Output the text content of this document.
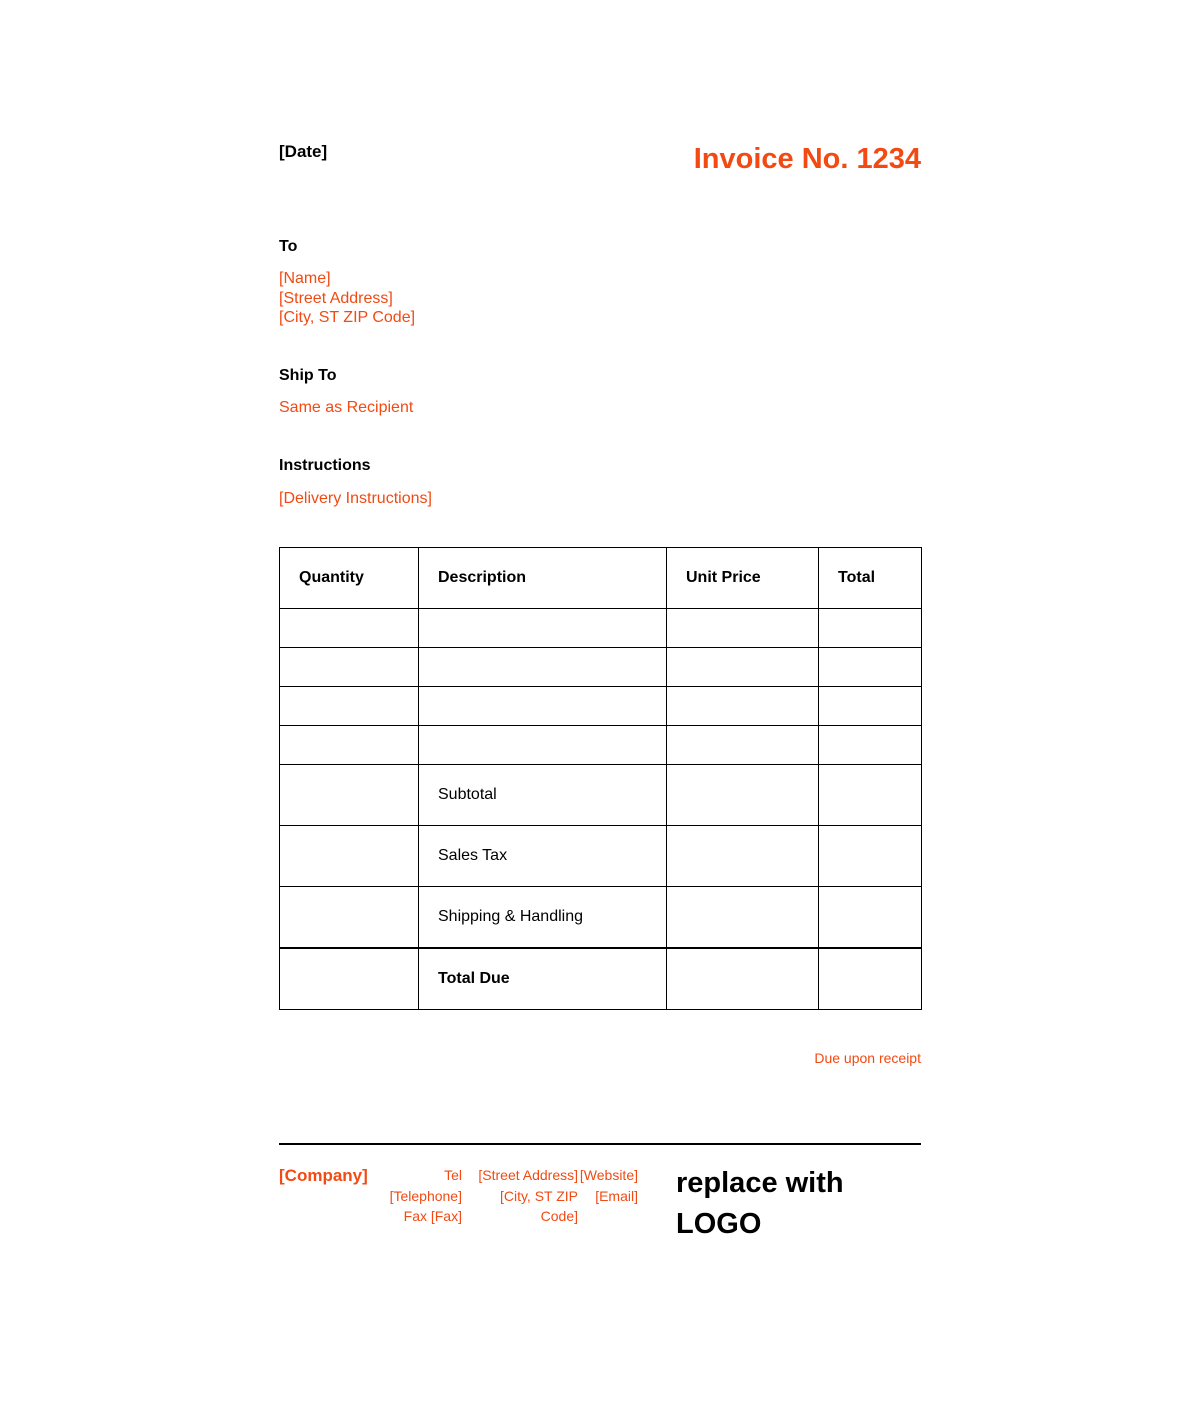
[Date]	Invoice No. 1234
To
[Name]
[Street Address]
[City, ST ZIP Code]
Ship To
Same as Recipient
Instructions
[Delivery Instructions]
Quantity	Description	Unit Price	Total

	Subtotal		
	Sales Tax		
	Shipping & Handling		
	Total Due		
Due upon receipt
[Company]	Tel
[Telephone]
Fax [Fax]
[Street Address]
[City, ST ZIP
Code]
[Website]
[Email] replace with LOGO
